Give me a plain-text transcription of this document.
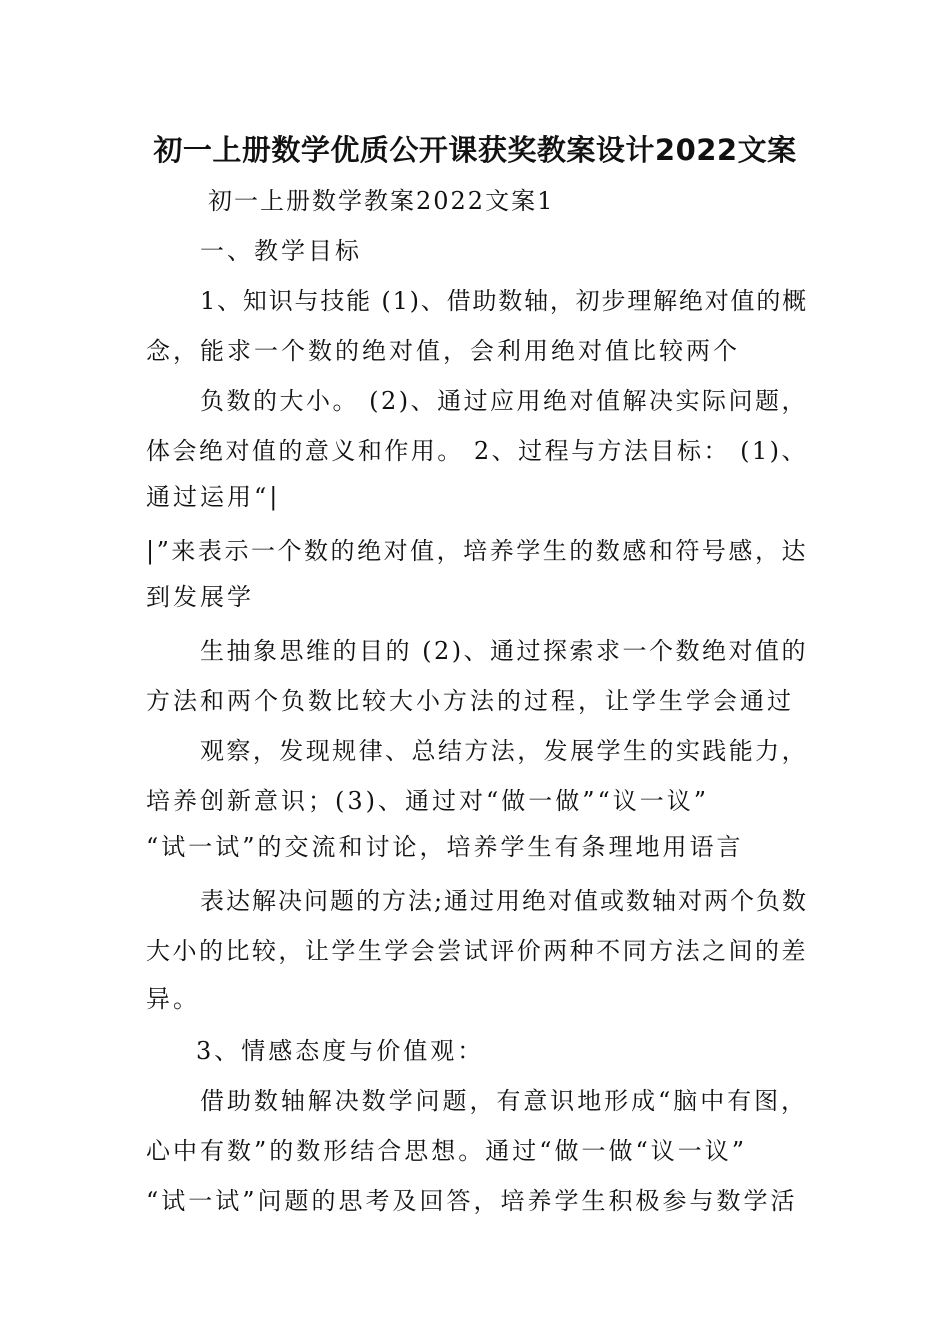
初一上册数学优质公开课获奖教案设计2022文案
初一上册数学教案2022文案1
一、教学目标
1、知识与技能 (1)、借助数轴，初步理解绝对值的概
念，能求一个数的绝对值，会利用绝对值比较两个
负数的大小。 (2)、通过应用绝对值解决实际问题，
体会绝对值的意义和作用。 2、过程与方法目标： (1)、
通过运用“|
|”来表示一个数的绝对值，培养学生的数感和符号感，达
到发展学
生抽象思维的目的 (2)、通过探索求一个数绝对值的
方法和两个负数比较大小方法的过程，让学生学会通过
观察，发现规律、总结方法，发展学生的实践能力，
培养创新意识；(3)、通过对“做一做”“议一议”
“试一试”的交流和讨论，培养学生有条理地用语言
表达解决问题的方法;通过用绝对值或数轴对两个负数
大小的比较，让学生学会尝试评价两种不同方法之间的差
异。
3、情感态度与价值观：
借助数轴解决数学问题，有意识地形成“脑中有图，
心中有数”的数形结合思想。通过“做一做“议一议”
“试一试”问题的思考及回答，培养学生积极参与数学活
